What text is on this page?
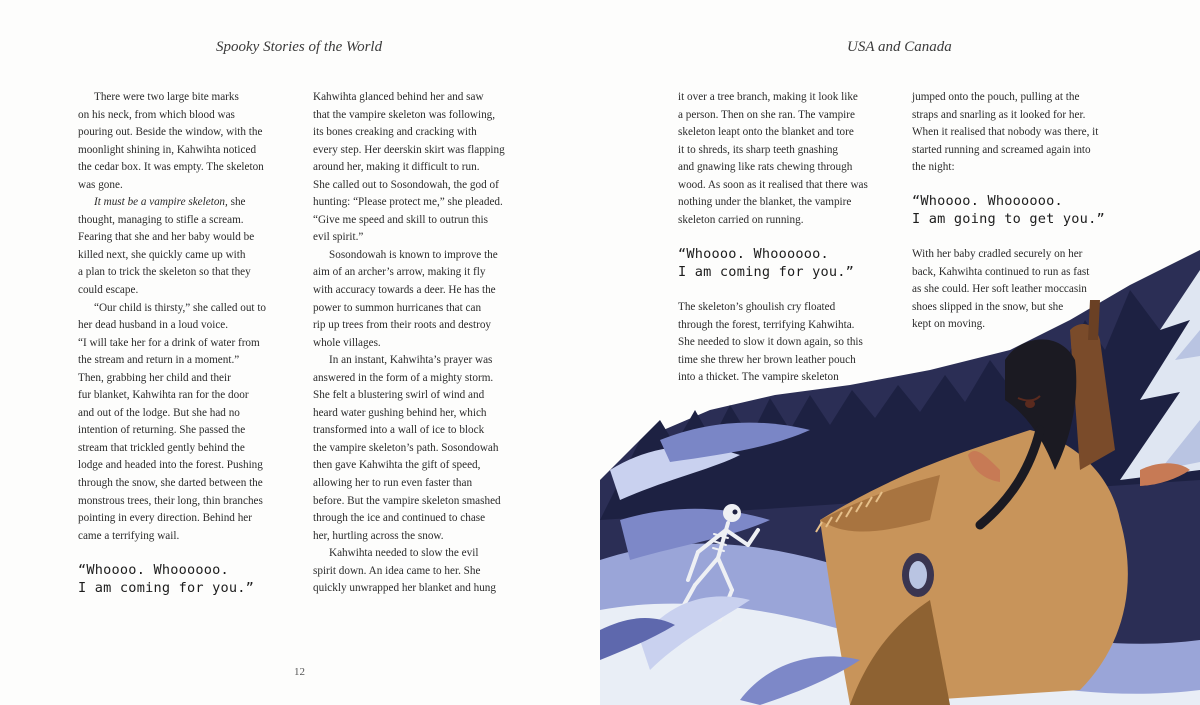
Spooky Stories of the World

There were two large bite marks

on his neck, from which blood was

pouring out. Beside the window, with the

moonlight shining in, Kahwihta noticed

the cedar box. It was empty. The skeleton

was gone.

It must be a vampire skeleton, she

thought, managing to stifle a scream.

Fearing that she and her baby would be

killed next, she quickly came up with

a plan to trick the skeleton so that they

could escape.

“Our child is thirsty,” she called out to

her dead husband in a loud voice.

“I will take her for a drink of water from

the stream and return in a moment.”

Then, grabbing her child and their

fur blanket, Kahwihta ran for the door

and out of the lodge. But she had no

intention of returning. She passed the

stream that trickled gently behind the

lodge and headed into the forest. Pushing

through the snow, she darted between the

monstrous trees, their long, thin branches

pointing in every direction. Behind her

came a terrifying wail.

“Whoooo. Whoooooo.
I am coming for you.”

Kahwihta glanced behind her and saw

that the vampire skeleton was following,

its bones creaking and cracking with

every step. Her deerskin skirt was flapping

around her, making it difficult to run.

She called out to Sosondowah, the god of

hunting: “Please protect me,” she pleaded.

“Give me speed and skill to outrun this

evil spirit.”

Sosondowah is known to improve the

aim of an archer’s arrow, making it fly

with accuracy towards a deer. He has the

power to summon hurricanes that can

rip up trees from their roots and destroy

whole villages.

In an instant, Kahwihta’s prayer was

answered in the form of a mighty storm.

She felt a blustering swirl of wind and

heard water gushing behind her, which

transformed into a wall of ice to block

the vampire skeleton’s path. Sosondowah

then gave Kahwihta the gift of speed,

allowing her to run even faster than

before. But the vampire skeleton smashed

through the ice and continued to chase

her, hurtling across the snow.

Kahwihta needed to slow the evil

spirit down. An idea came to her. She

quickly unwrapped her blanket and hung

12
USA and Canada

it over a tree branch, making it look like

a person. Then on she ran. The vampire

skeleton leapt onto the blanket and tore

it to shreds, its sharp teeth gnashing

and gnawing like rats chewing through

wood. As soon as it realised that there was

nothing under the blanket, the vampire

skeleton carried on running.

“Whoooo. Whoooooo.
I am coming for you.”

The skeleton’s ghoulish cry floated

through the forest, terrifying Kahwihta.

She needed to slow it down again, so this

time she threw her brown leather pouch

into a thicket. The vampire skeleton

jumped onto the pouch, pulling at the

straps and snarling as it looked for her.

When it realised that nobody was there, it

started running and screamed again into

the night:

“Whoooo. Whoooooo.
I am going to get you.”

With her baby cradled securely on her

back, Kahwihta continued to run as fast

as she could. Her soft leather moccasin

shoes slipped in the snow, but she

kept on moving.
